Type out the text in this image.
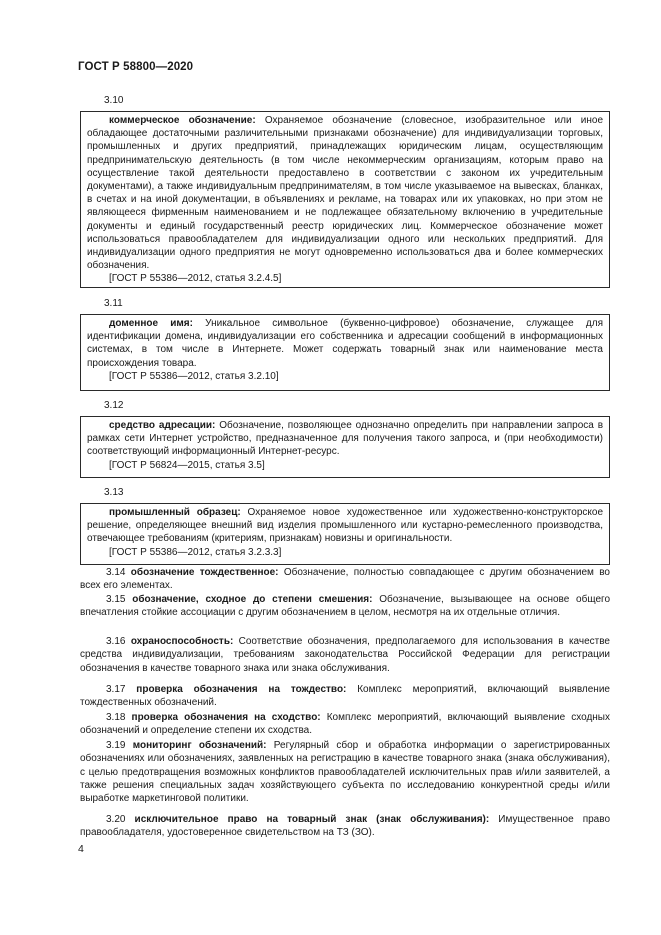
ГОСТ Р 58800—2020
3.10

коммерческое обозначение: Охраняемое обозначение (словесное, изобразительное или иное обладающее достаточными различительными признаками обозначение) для индивидуализации торговых, промышленных и других предприятий, принадлежащих юридическим лицам, осуществляющим предпринимательскую деятельность (в том числе некоммерческим организациям, которым право на осуществление такой деятельности предоставлено в соответствии с законом их учредительным документами), а также индивидуальным предпринимателям, в том числе указываемое на вывесках, бланках, в счетах и на иной документации, в объявлениях и рекламе, на товарах или их упаковках, но при этом не являющееся фирменным наименованием и не подлежащее обязательному включению в учредительные документы и единый государственный реестр юридических лиц. Коммерческое обозначение может использоваться правообладателем для индивидуализации одного или нескольких предприятий. Для индивидуализации одного предприятия не могут одновременно использоваться два и более коммерческих обозначения.

[ГОСТ Р 55386—2012, статья 3.2.4.5]

3.11

доменное имя: Уникальное символьное (буквенно-цифровое) обозначение, служащее для идентификации домена, индивидуализации его собственника и адресации сообщений в информационных системах, в том числе в Интернете. Может содержать товарный знак или наименование места происхождения товара.

[ГОСТ Р 55386—2012, статья 3.2.10]

3.12

средство адресации: Обозначение, позволяющее однозначно определить при направлении запроса в рамках сети Интернет устройство, предназначенное для получения такого запроса, и (при необходимости) соответствующий информационный Интернет-ресурс.

[ГОСТ Р 56824—2015, статья 3.5]

3.13

промышленный образец: Охраняемое новое художественное или художественно-конструкторское решение, определяющее внешний вид изделия промышленного или кустарно-ремесленного производства, отвечающее требованиям (критериям, признакам) новизны и оригинальности.

[ГОСТ Р 55386—2012, статья 3.2.3.3]

3.14 обозначение тождественное: Обозначение, полностью совпадающее с другим обозначением во всех его элементах.

3.15 обозначение, сходное до степени смешения: Обозначение, вызывающее на основе общего впечатления стойкие ассоциации с другим обозначением в целом, несмотря на их отдельные отличия.

3.16 охраноспособность: Соответствие обозначения, предполагаемого для использования в качестве средства индивидуализации, требованиям законодательства Российской Федерации для регистрации обозначения в качестве товарного знака или знака обслуживания.

3.17 проверка обозначения на тождество: Комплекс мероприятий, включающий выявление тождественных обозначений.

3.18 проверка обозначения на сходство: Комплекс мероприятий, включающий выявление сходных обозначений и определение степени их сходства.

3.19 мониторинг обозначений: Регулярный сбор и обработка информации о зарегистрированных обозначениях или обозначениях, заявленных на регистрацию в качестве товарного знака (знака обслуживания), с целью предотвращения возможных конфликтов правообладателей исключительных прав и/или заявителей, а также решения специальных задач хозяйствующего субъекта по исследованию конкурентной среды и/или выработке маркетинговой политики.

3.20 исключительное право на товарный знак (знак обслуживания): Имущественное право правообладателя, удостоверенное свидетельством на ТЗ (ЗО).

4
